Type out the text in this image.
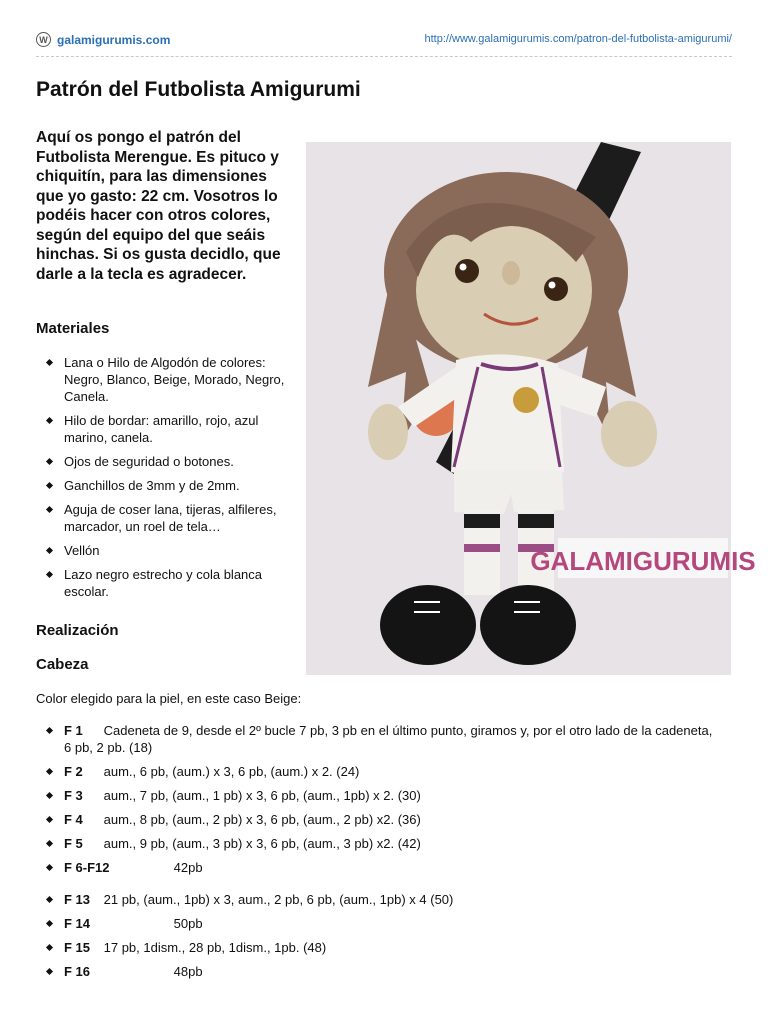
W galamigurumis.com	http://www.galamigurumis.com/patron-del-futbolista-amigurumi/
Patrón del Futbolista Amigurumi

Aquí os pongo el patrón del Futbolista Merengue. Es pituco y chiquitín, para las dimensiones que yo gasto: 22 cm. Vosotros lo podéis hacer con otros colores, según del equipo del que seáis hinchas. Si os gusta decidlo, que darle a la tecla es agradecer.

GALAMIGURUMIS
Materiales
Lana o Hilo de Algodón de colores: Negro, Blanco, Beige, Morado, Negro, Canela.
Hilo de bordar: amarillo, rojo, azul marino, canela.
Ojos de seguridad o botones.
Ganchillos de 3mm y de 2mm.
Aguja de coser lana, tijeras, alfileres, marcador, un roel de tela…
Vellón
Lazo negro estrecho y cola blanca escolar.
Realización
Cabeza

Color elegido para la piel, en este caso Beige:

F 1 Cadeneta de 9, desde el 2º bucle 7 pb, 3 pb en el último punto, giramos y, por el otro lado de la cadeneta, 6 pb, 2 pb. (18)
F 2 aum., 6 pb, (aum.) x 3, 6 pb, (aum.) x 2. (24)
F 3 aum., 7 pb, (aum., 1 pb) x 3, 6 pb, (aum., 1pb) x 2. (30)
F 4 aum., 8 pb, (aum., 2 pb) x 3, 6 pb, (aum., 2 pb) x2. (36)
F 5 aum., 9 pb, (aum., 3 pb) x 3, 6 pb, (aum., 3 pb) x2. (42)
F 6-F12	42pb
F 13 21 pb, (aum., 1pb) x 3, aum., 2 pb, 6 pb, (aum., 1pb) x 4 (50)
F 14	50pb
F 15 17 pb, 1dism., 28 pb, 1dism., 1pb. (48)
F 16	48pb
